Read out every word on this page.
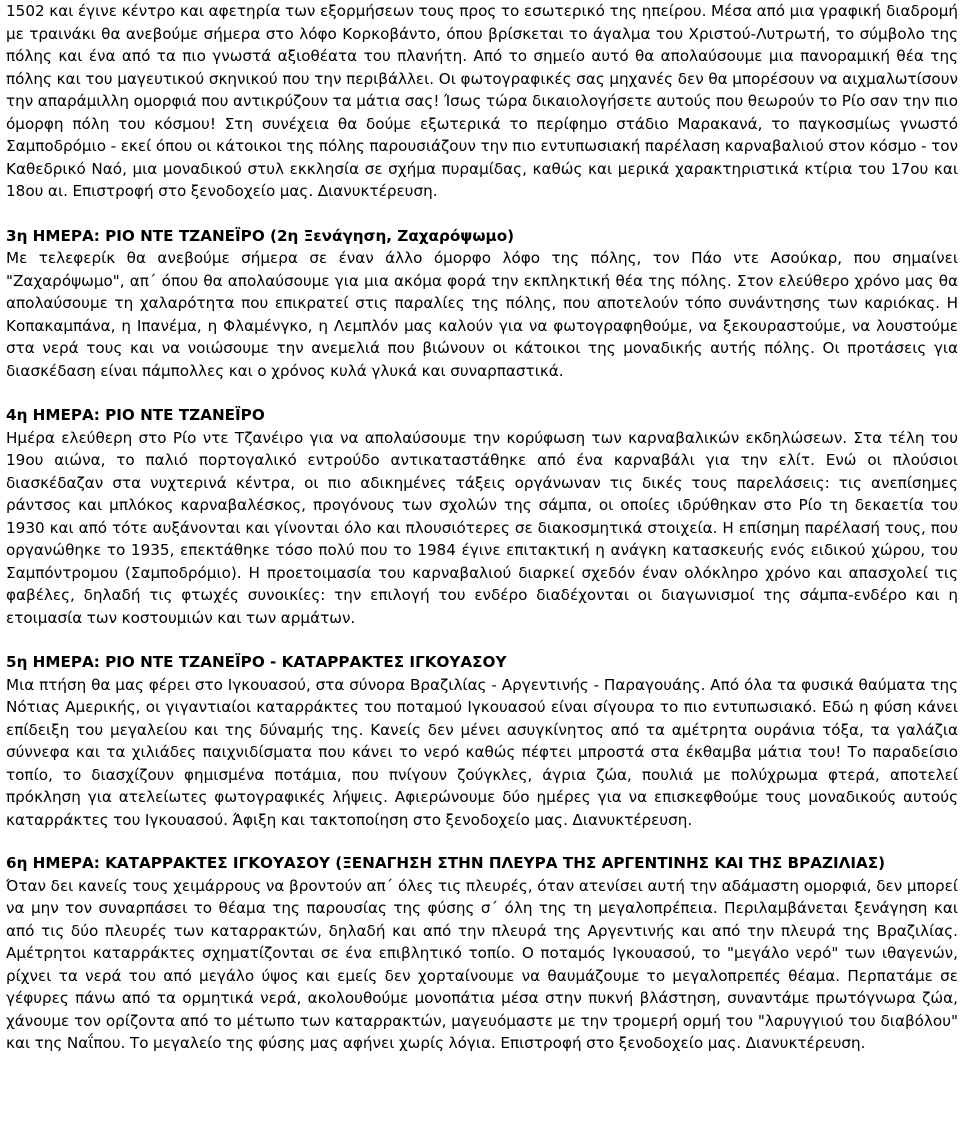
1502 και έγινε κέντρο και αφετηρία των εξορμήσεων τους προς το εσωτερικό της ηπείρου. Μέσα από μια γραφική διαδρομή με τραινάκι θα ανεβούμε σήμερα στο λόφο Κορκοβάντο, όπου βρίσκεται το άγαλμα του Χριστού-Λυτρωτή, το σύμβολο της πόλης και ένα από τα πιο γνωστά αξιοθέατα του πλανήτη. Από το σημείο αυτό θα απολαύσουμε μια πανοραμική θέα της πόλης και του μαγευτικού σκηνικού που την περιβάλλει. Οι φωτογραφικές σας μηχανές δεν θα μπορέσουν να αιχμαλωτίσουν την απαράμιλλη ομορφιά που αντικρύζουν τα μάτια σας! Ίσως τώρα δικαιολογήσετε αυτούς που θεωρούν το Ρίο σαν την πιο όμορφη πόλη του κόσμου! Στη συνέχεια θα δούμε εξωτερικά το περίφημο στάδιο Μαρακανά, το παγκοσμίως γνωστό Σαμποδρόμιο - εκεί όπου οι κάτοικοι της πόλης παρουσιάζουν την πιο εντυπωσιακή παρέλαση καρναβαλιού στον κόσμο - τον Καθεδρικό Ναό, μια μοναδικού στυλ εκκλησία σε σχήμα πυραμίδας, καθώς και μερικά χαρακτηριστικά κτίρια του 17ου και 18ου αι. Επιστροφή στο ξενοδοχείο μας. Διανυκτέρευση.

3η ΗΜΕΡΑ: ΡΙΟ ΝΤΕ ΤΖΑΝΕΪΡΟ (2η Ξενάγηση, Ζαχαρόψωμο)

Με τελεφερίκ θα ανεβούμε σήμερα σε έναν άλλο όμορφο λόφο της πόλης, τον Πάο ντε Ασούκαρ, που σημαίνει "Ζαχαρόψωμο", απ΄ όπου θα απολαύσουμε για μια ακόμα φορά την εκπληκτική θέα της πόλης. Στον ελεύθερο χρόνο μας θα απολαύσουμε τη χαλαρότητα που επικρατεί στις παραλίες της πόλης, που αποτελούν τόπο συνάντησης των καριόκας. Η Κοπακαμπάνα, η Ιπανέμα, η Φλαμένγκο, η Λεμπλόν μας καλούν για να φωτογραφηθούμε, να ξεκουραστούμε, να λουστούμε στα νερά τους και να νοιώσουμε την ανεμελιά που βιώνουν οι κάτοικοι της μοναδικής αυτής πόλης. Οι προτάσεις για διασκέδαση είναι πάμπολλες και ο χρόνος κυλά γλυκά και συναρπαστικά.

4η ΗΜΕΡΑ: ΡΙΟ ΝΤΕ ΤΖΑΝΕΪΡΟ

Ημέρα ελεύθερη στο Ρίο ντε Τζανέιρο για να απολαύσουμε την κορύφωση των καρναβαλικών εκδηλώσεων. Στα τέλη του 19ου αιώνα, το παλιό πορτογαλικό εντρούδο αντικαταστάθηκε από ένα καρναβάλι για την ελίτ. Ενώ οι πλούσιοι διασκέδαζαν στα νυχτερινά κέντρα, οι πιο αδικημένες τάξεις οργάνωναν τις δικές τους παρελάσεις: τις ανεπίσημες ράντσος και μπλόκος καρναβαλέσκος, προγόνους των σχολών της σάμπα, οι οποίες ιδρύθηκαν στο Ρίο τη δεκαετία του 1930 και από τότε αυξάνονται και γίνονται όλο και πλουσιότερες σε διακοσμητικά στοιχεία. Η επίσημη παρέλασή τους, που οργανώθηκε το 1935, επεκτάθηκε τόσο πολύ που το 1984 έγινε επιτακτική η ανάγκη κατασκευής ενός ειδικού χώρου, του Σαμπόντρομου (Σαμποδρόμιο). Η προετοιμασία του καρναβαλιού διαρκεί σχεδόν έναν ολόκληρο χρόνο και απασχολεί τις φαβέλες, δηλαδή τις φτωχές συνοικίες: την επιλογή του ενδέρο διαδέχονται οι διαγωνισμοί της σάμπα-ενδέρο και η ετοιμασία των κοστουμιών και των αρμάτων.

5η ΗΜΕΡΑ: ΡΙΟ ΝΤΕ ΤΖΑΝΕΪΡΟ - ΚΑΤΑΡΡΑΚΤΕΣ ΙΓΚΟΥΑΣΟΥ

Μια πτήση θα μας φέρει στο Ιγκουασού, στα σύνορα Βραζιλίας - Αργεντινής - Παραγουάης. Από όλα τα φυσικά θαύματα της Νότιας Αμερικής, οι γιγαντιαίοι καταρράκτες του ποταμού Ιγκουασού είναι σίγουρα το πιο εντυπωσιακό. Εδώ η φύση κάνει επίδειξη του μεγαλείου και της δύναμής της. Κανείς δεν μένει ασυγκίνητος από τα αμέτρητα ουράνια τόξα, τα γαλάζια σύννεφα και τα χιλιάδες παιχνιδίσματα που κάνει το νερό καθώς πέφτει μπροστά στα έκθαμβα μάτια του! Το παραδείσιο τοπίο, το διασχίζουν φημισμένα ποτάμια, που πνίγουν ζούγκλες, άγρια ζώα, πουλιά με πολύχρωμα φτερά, αποτελεί πρόκληση για ατελείωτες φωτογραφικές λήψεις. Αφιερώνουμε δύο ημέρες για να επισκεφθούμε τους μοναδικούς αυτούς καταρράκτες του Ιγκουασού. Άφιξη και τακτοποίηση στο ξενοδοχείο μας. Διανυκτέρευση.

6η ΗΜΕΡΑ: ΚΑΤΑΡΡΑΚΤΕΣ ΙΓΚΟΥΑΣΟΥ (ΞΕΝΑΓΗΣΗ ΣΤΗΝ ΠΛΕΥΡΑ ΤΗΣ ΑΡΓΕΝΤΙΝΗΣ ΚΑΙ ΤΗΣ ΒΡΑΖΙΛΙΑΣ)

Όταν δει κανείς τους χειμάρρους να βροντούν απ΄ όλες τις πλευρές, όταν ατενίσει αυτή την αδάμαστη ομορφιά, δεν μπορεί να μην τον συναρπάσει το θέαμα της παρουσίας της φύσης σ΄ όλη της τη μεγαλοπρέπεια. Περιλαμβάνεται ξενάγηση και από τις δύο πλευρές των καταρρακτών, δηλαδή και από την πλευρά της Αργεντινής και από την πλευρά της Βραζιλίας. Αμέτρητοι καταρράκτες σχηματίζονται σε ένα επιβλητικό τοπίο. Ο ποταμός Ιγκουασού, το "μεγάλο νερό" των ιθαγενών, ρίχνει τα νερά του από μεγάλο ύψος και εμείς δεν χορταίνουμε να θαυμάζουμε το μεγαλοπρεπές θέαμα. Περπατάμε σε γέφυρες πάνω από τα ορμητικά νερά, ακολουθούμε μονοπάτια μέσα στην πυκνή βλάστηση, συναντάμε πρωτόγνωρα ζώα, χάνουμε τον ορίζοντα από το μέτωπο των καταρρακτών, μαγευόμαστε με την τρομερή ορμή του "λαρυγγιού του διαβόλου" και της Ναΐπου. Το μεγαλείο της φύσης μας αφήνει χωρίς λόγια. Επιστροφή στο ξενοδοχείο μας. Διανυκτέρευση.
